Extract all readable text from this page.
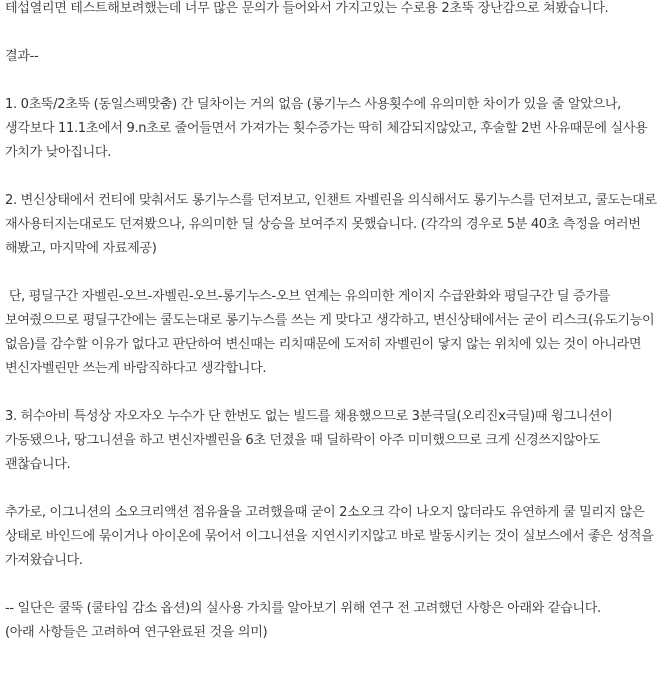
테섭열리면 테스트해보려했는데 너무 많은 문의가 들어와서 가지고있는 수로용 2초뚝 장난감으로 쳐봤습니다.

결과--

1. 0초뚝/2초뚝 (동일스펙맞춤) 간 딜차이는 거의 없음 (롱기누스 사용횟수에 유의미한 차이가 있을 줄 알았으나, 생각보다 11.1초에서 9.n초로 줄어들면서 가져가는 횟수증가는 딱히 체감되지않았고, 후술할 2번 사유때문에 실사용 가치가 낮아집니다.

2. 변신상태에서 컨티에 맞춰서도 롱기누스를 던져보고, 인챈트 자벨린을 의식해서도 롱기누스를 던져보고, 쿨도는대로 재사용터지는대로도 던져봤으나, 유의미한 딜 상승을 보여주지 못했습니다. (각각의 경우로 5분 40초 측정을 여러번 해봤고, 마지막에 자료제공)

단, 평딜구간 자벨린-오브-자벨린-오브-롱기누스-오브 연계는 유의미한 게이지 수급완화와 평딜구간 딜 증가를 보여줬으므로 평딜구간에는 쿨도는대로 롱기누스를 쓰는 게 맞다고 생각하고, 변신상태에서는 굳이 리스크(유도기능이 없음)를 감수할 이유가 없다고 판단하여 변신때는 리치때문에 도저히 자벨린이 닿지 않는 위치에 있는 것이 아니라면 변신자벨린만 쓰는게 바람직하다고 생각합니다.

3. 허수아비 특성상 자오자오 누수가 단 한번도 없는 빌드를 채용했으므로 3분극딜(오리진x극딜)때 윙그니션이 가동됐으나, 땅그니션을 하고 변신자벨린을 6초 던졌을 때 딜하락이 아주 미미했으므로 크게 신경쓰지않아도 괜찮습니다.

추가로, 이그니션의 소오크리액션 점유율을 고려했을때 굳이 2소오크 각이 나오지 않더라도 유연하게 쿨 밀리지 않은 상태로 바인드에 묶이거나 아이온에 묶어서 이그니션을 지연시키지않고 바로 발동시키는 것이 실보스에서 좋은 성적을 가져왔습니다.

-- 일단은 쿨뚝 (쿨타임 감소 옵션)의 실사용 가치를 알아보기 위해 연구 전 고려했던 사항은 아래와 같습니다.
(아래 사항들은 고려하여 연구완료된 것을 의미)
